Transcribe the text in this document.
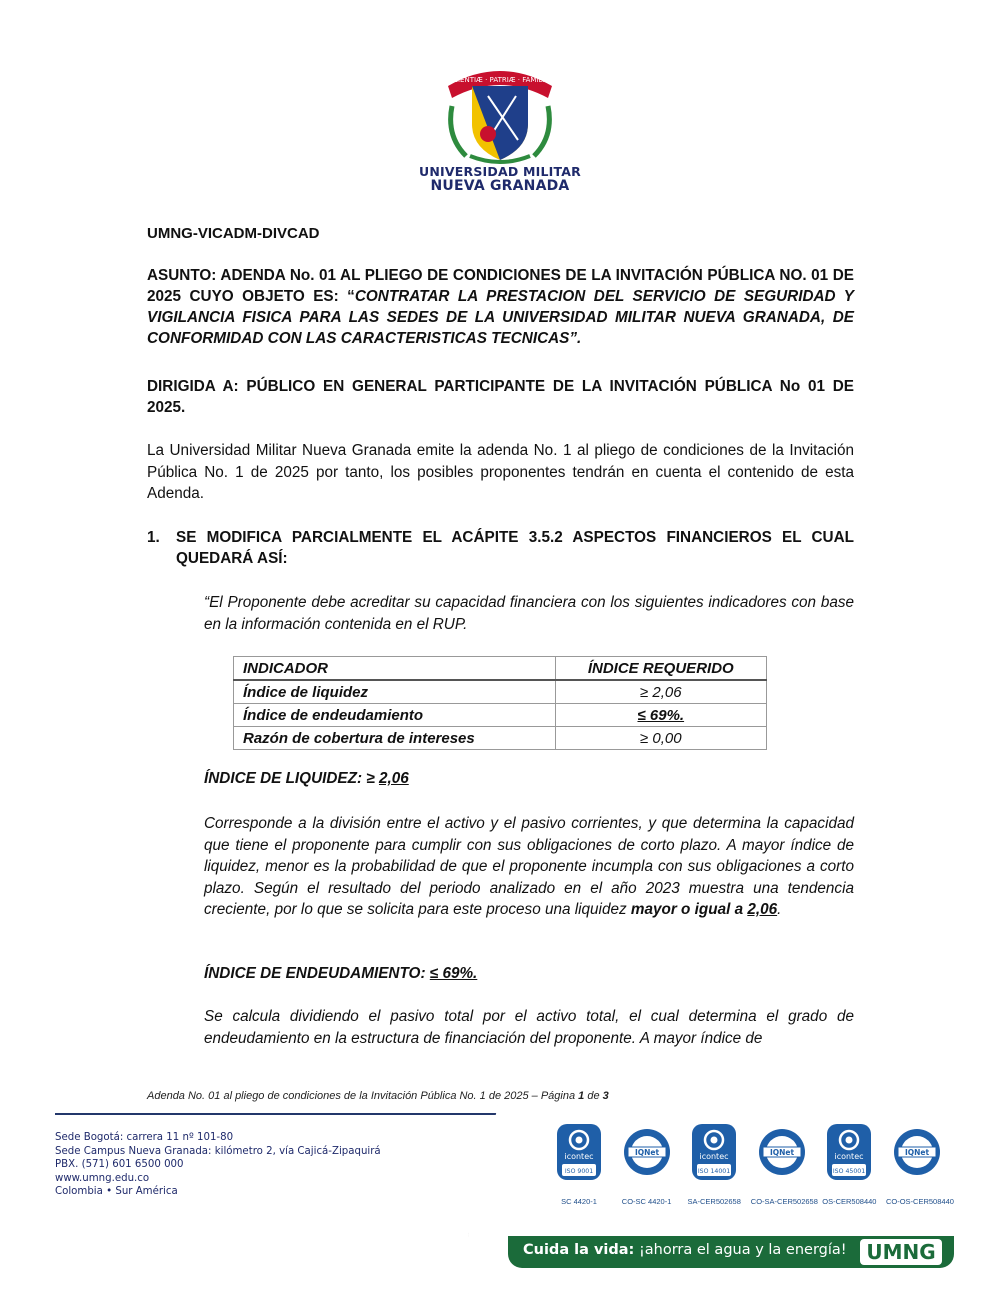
SCIENTIÆ · PATRIÆ · FAMILIÆ
UNIVERSIDAD MILITAR
NUEVA GRANADA
UMNG-VICADM-DIVCAD
ASUNTO: ADENDA No. 01 AL PLIEGO DE CONDICIONES DE LA INVITACIÓN PÚBLICA NO. 01 DE 2025 CUYO OBJETO ES: “CONTRATAR LA PRESTACION DEL SERVICIO DE SEGURIDAD Y VIGILANCIA FISICA PARA LAS SEDES DE LA UNIVERSIDAD MILITAR NUEVA GRANADA, DE CONFORMIDAD CON LAS CARACTERISTICAS TECNICAS”.
DIRIGIDA A: PÚBLICO EN GENERAL PARTICIPANTE DE LA INVITACIÓN PÚBLICA No 01 DE 2025.
La Universidad Militar Nueva Granada emite la adenda No. 1 al pliego de condiciones de la Invitación Pública No. 1 de 2025 por tanto, los posibles proponentes tendrán en cuenta el contenido de esta Adenda.
1. SE MODIFICA PARCIALMENTE EL ACÁPITE 3.5.2 ASPECTOS FINANCIEROS EL CUAL QUEDARÁ ASÍ:
“El Proponente debe acreditar su capacidad financiera con los siguientes indicadores con base en la información contenida en el RUP.
INDICADOR	ÍNDICE REQUERIDO
Índice de liquidez	≥ 2,06
Índice de endeudamiento	≤ 69%.
Razón de cobertura de intereses	≥ 0,00
ÍNDICE DE LIQUIDEZ: ≥ 2,06
Corresponde a la división entre el activo y el pasivo corrientes, y que determina la capacidad que tiene el proponente para cumplir con sus obligaciones de corto plazo. A mayor índice de liquidez, menor es la probabilidad de que el proponente incumpla con sus obligaciones a corto plazo. Según el resultado del periodo analizado en el año 2023 muestra una tendencia creciente, por lo que se solicita para este proceso una liquidez mayor o igual a 2,06.
ÍNDICE DE ENDEUDAMIENTO: ≤ 69%.
Se calcula dividiendo el pasivo total por el activo total, el cual determina el grado de endeudamiento en la estructura de financiación del proponente. A mayor índice de
Adenda No. 01 al pliego de condiciones de la Invitación Pública No. 1 de 2025 – Página 1 de 3
Sede Bogotá: carrera 11 nº 101-80
Sede Campus Nueva Granada: kilómetro 2, vía Cajicá-Zipaquirá
PBX. (571) 601 6500 000
www.umng.edu.co
Colombia • Sur América
icontec
ISO 9001
SC 4420-1
IQNet
CO-SC 4420-1
icontec
ISO 14001
SA-CER502658
IQNet
CO-SA-CER502658
icontec
ISO 45001
OS-CER508440
IQNet
CO-OS-CER508440
Cuida la vida: ¡ahorra el agua y la energía! UMNG
